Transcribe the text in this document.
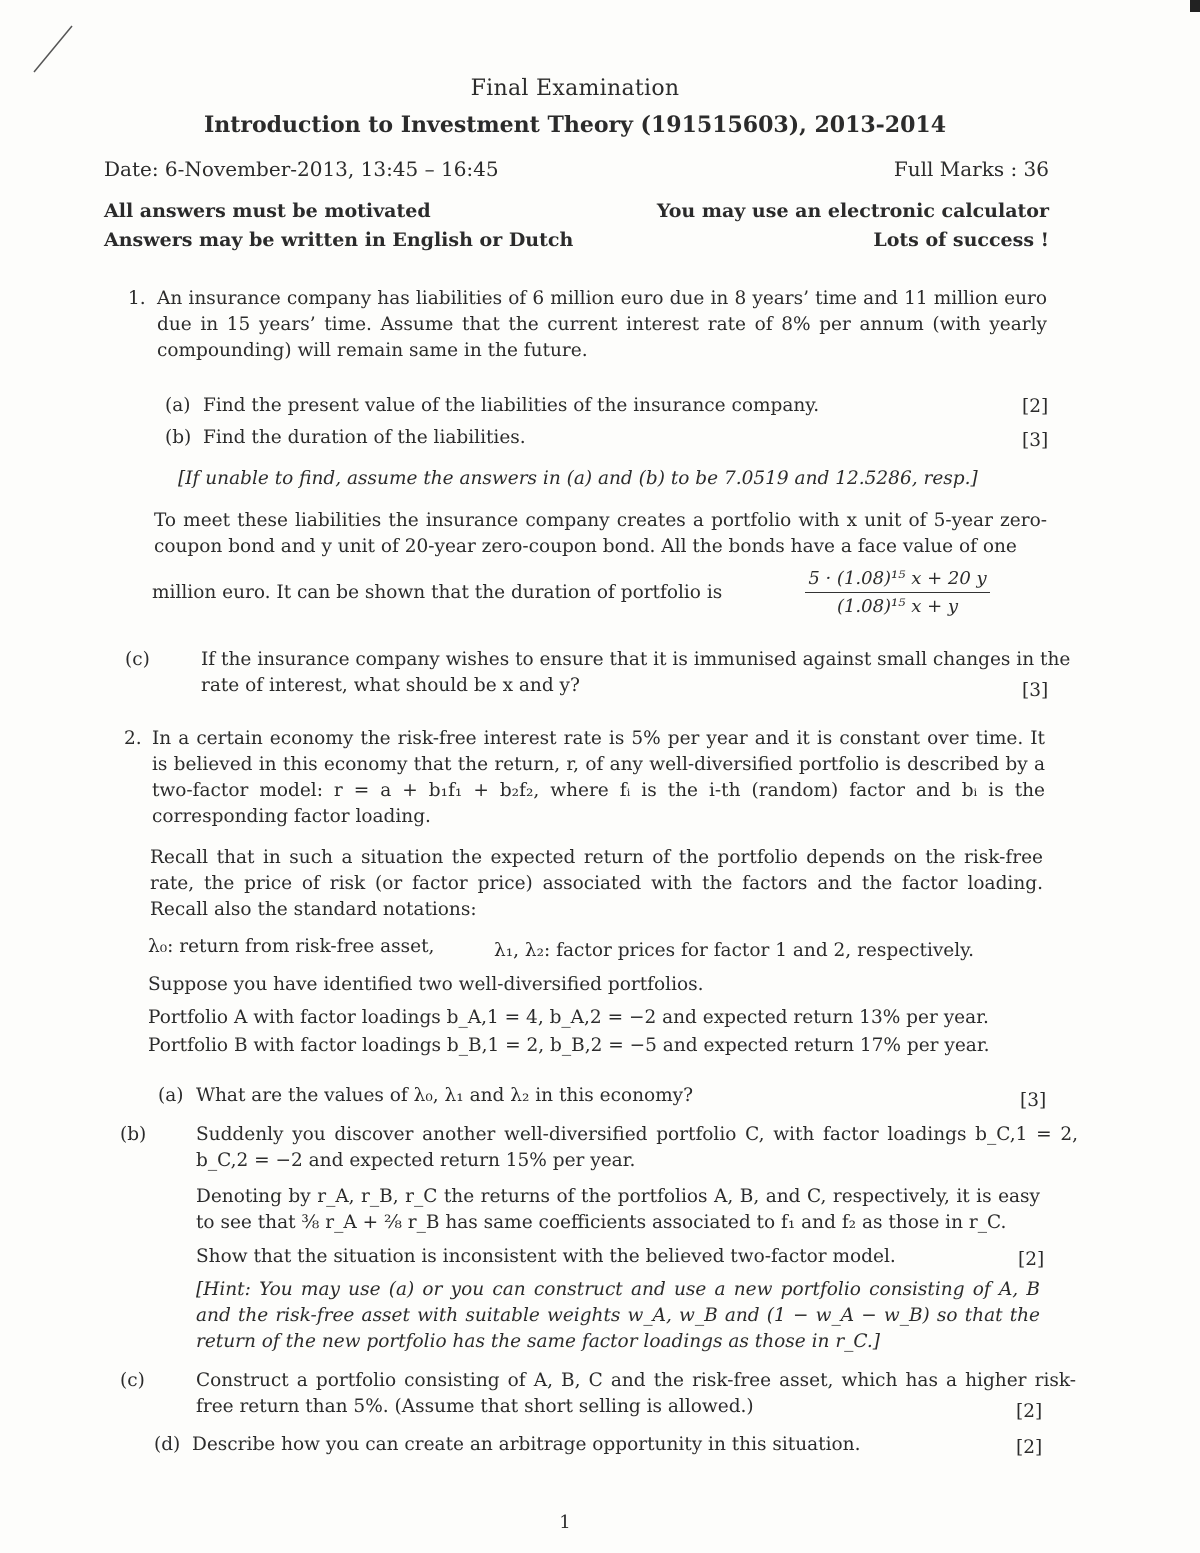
Final Examination
Introduction to Investment Theory (191515603), 2013-2014
Date: 6-November-2013, 13:45 – 16:45	Full Marks : 36
All answers must be motivated	You may use an electronic calculator
Answers may be written in English or Dutch	Lots of success !
1. An insurance company has liabilities of 6 million euro due in 8 years’ time and 11 million euro due in 15 years’ time. Assume that the current interest rate of 8% per annum (with yearly compounding) will remain same in the future.
(a) Find the present value of the liabilities of the insurance company.	[2]
(b) Find the duration of the liabilities.	[3]
[If unable to find, assume the answers in (a) and (b) to be 7.0519 and 12.5286, resp.]
To meet these liabilities the insurance company creates a portfolio with x unit of 5-year zero-coupon bond and y unit of 20-year zero-coupon bond. All the bonds have a face value of one
million euro. It can be shown that the duration of portfolio is	$\frac{\text{5 · (1.08)¹⁵ x + 20 y}}{\text{(1.08)¹⁵ x + y}}$
(c)	If the insurance company wishes to ensure that it is immunised against small changes in the rate of interest, what should be x and y?	[3]
2. In a certain economy the risk-free interest rate is 5% per year and it is constant over time. It is believed in this economy that the return, r, of any well-diversified portfolio is described by a two-factor model: r = a + b₁f₁ + b₂f₂, where fᵢ is the i-th (random) factor and bᵢ is the corresponding factor loading.
Recall that in such a situation the expected return of the portfolio depends on the risk-free rate, the price of risk (or factor price) associated with the factors and the factor loading. Recall also the standard notations:
λ₀: return from risk-free asset,	λ₁, λ₂: factor prices for factor 1 and 2, respectively.
Suppose you have identified two well-diversified portfolios.
Portfolio A with factor loadings b_A,1 = 4, b_A,2 = −2 and expected return 13% per year.
Portfolio B with factor loadings b_B,1 = 2, b_B,2 = −5 and expected return 17% per year.
(a) What are the values of λ₀, λ₁ and λ₂ in this economy?	[3]
(b)	Suddenly you discover another well-diversified portfolio C, with factor loadings b_C,1 = 2, b_C,2 = −2 and expected return 15% per year.
Denoting by r_A, r_B, r_C the returns of the portfolios A, B, and C, respectively, it is easy to see that ⅜ r_A + ²⁄₈ r_B has same coefficients associated to f₁ and f₂ as those in r_C.
Show that the situation is inconsistent with the believed two-factor model.	[2]
[Hint: You may use (a) or you can construct and use a new portfolio consisting of A, B and the risk-free asset with suitable weights w_A, w_B and (1 − w_A − w_B) so that the return of the new portfolio has the same factor loadings as those in r_C.]
(c)	Construct a portfolio consisting of A, B, C and the risk-free asset, which has a higher risk-free return than 5%. (Assume that short selling is allowed.)	[2]
(d) Describe how you can create an arbitrage opportunity in this situation.	[2]
1
